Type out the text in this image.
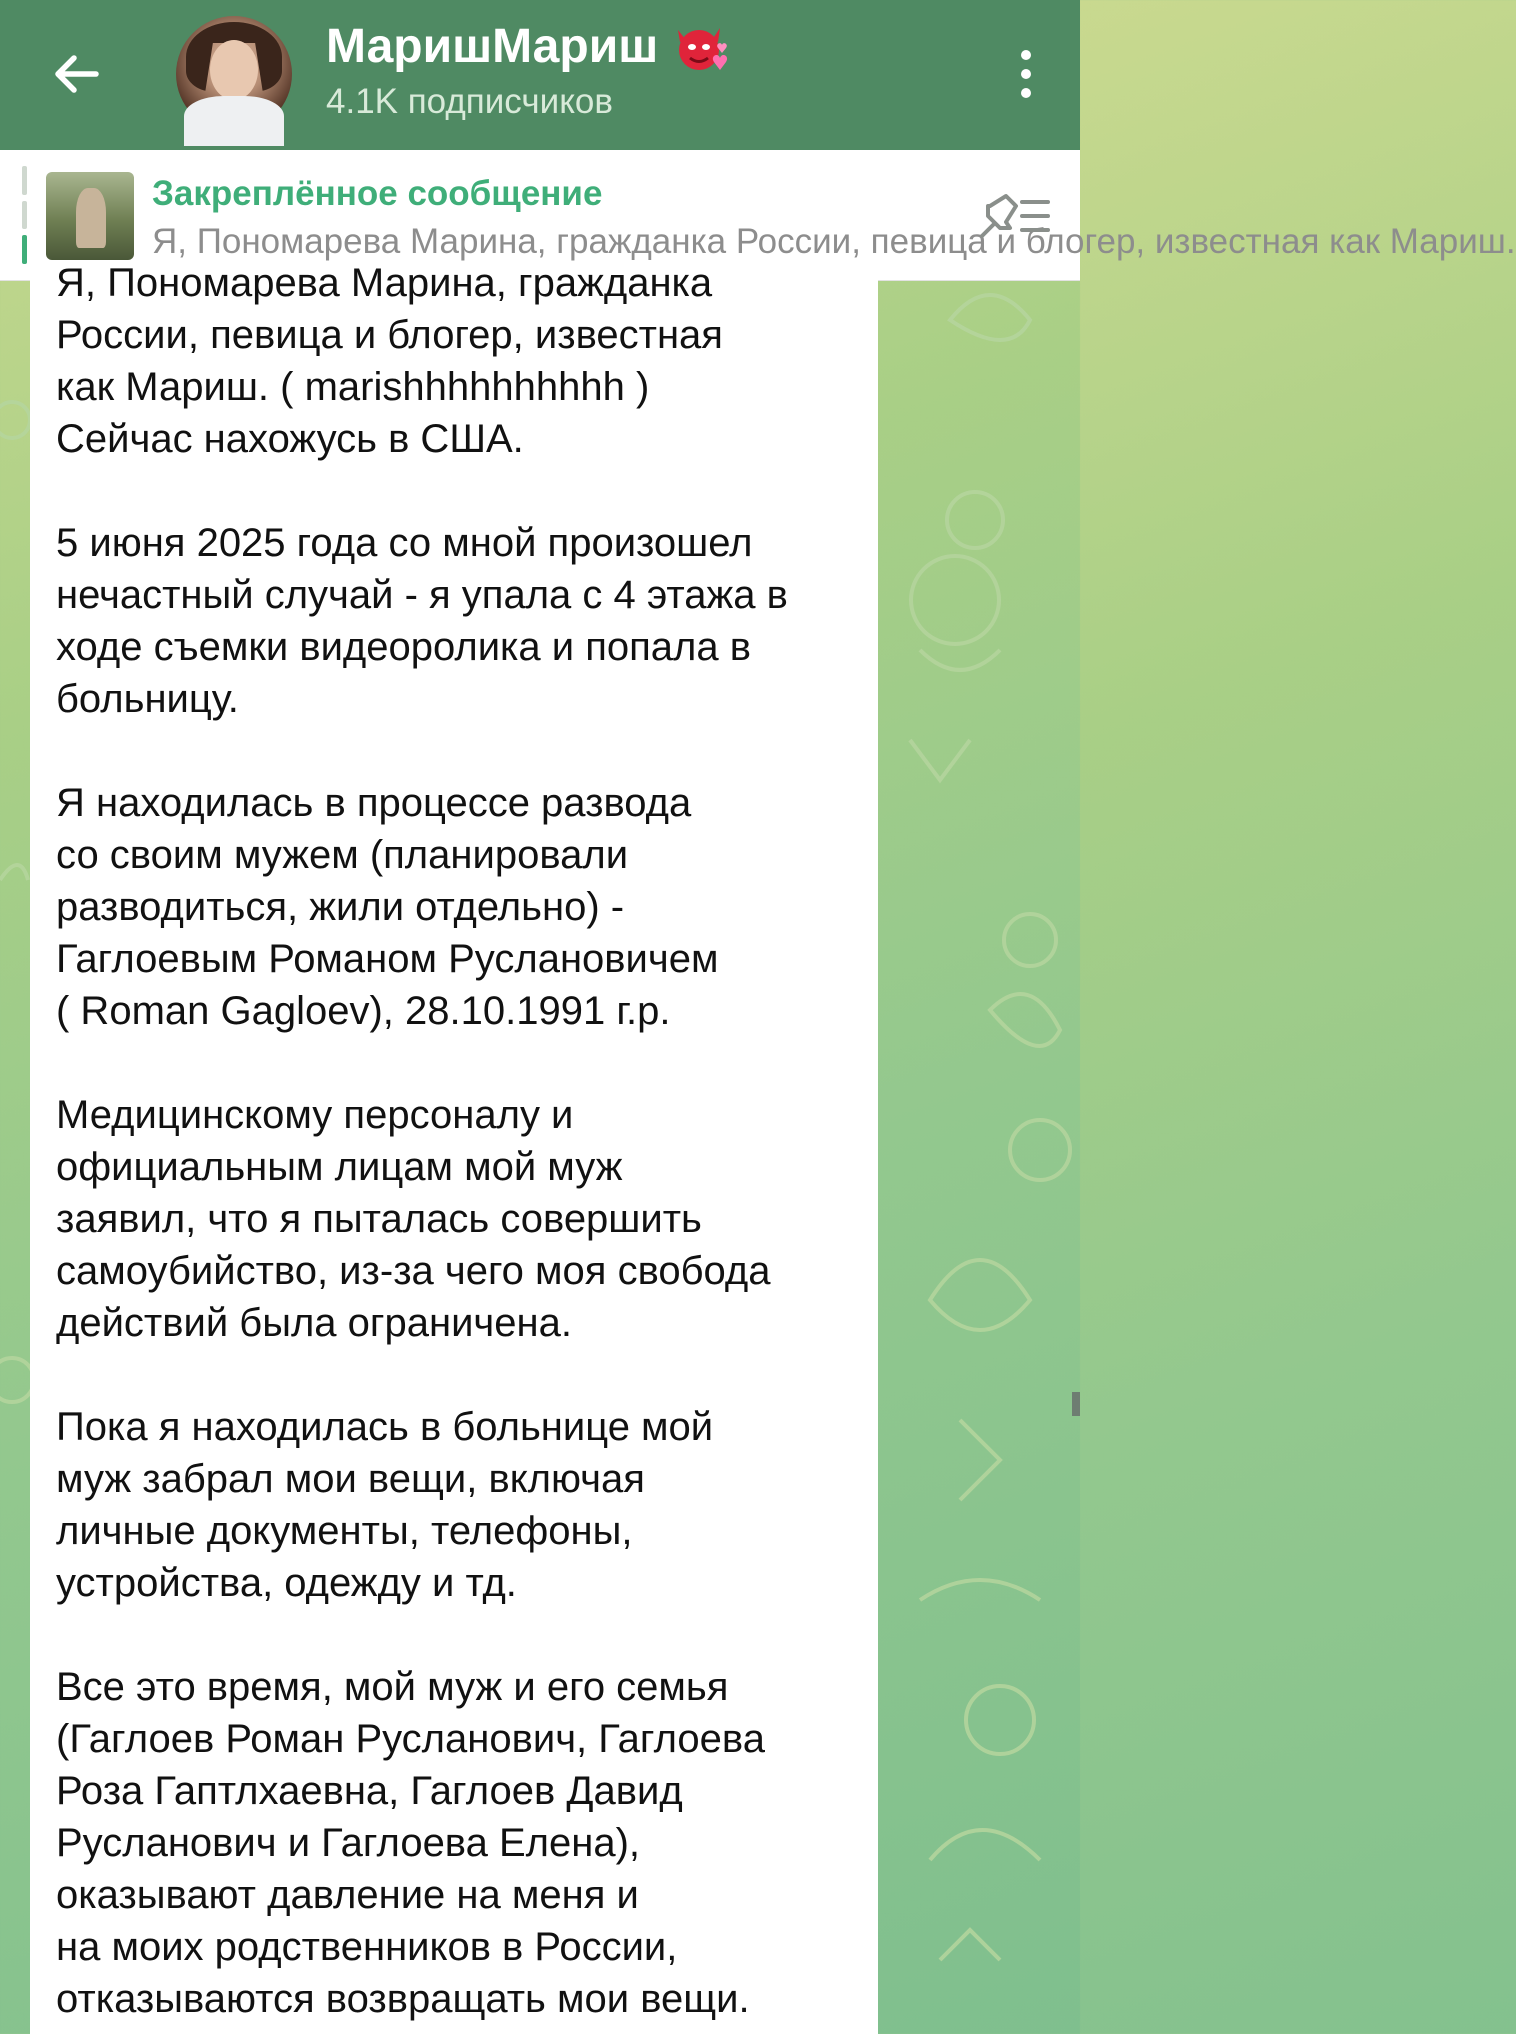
МаришМариш
4.1K подписчиков
Закреплённое сообщение
Я, Пономарева Марина, гражданка России, певица и блогер, известная как Мариш.
Я, Пономарева Марина, гражданка
России, певица и блогер, известная
как Мариш. ( marishhhhhhhhhh )
Сейчас нахожусь в США.

5 июня 2025 года со мной произошел
нечастный случай - я упала с 4 этажа в
ходе съемки видеоролика и попала в
больницу.

Я находилась в процессе развода
со своим мужем (планировали
разводиться, жили отдельно) -
Гаглоевым Романом Руслановичем
( Roman Gagloev), 28.10.1991 г.р.

Медицинскому персоналу и
официальным лицам мой муж
заявил, что я пыталась совершить
самоубийство, из-за чего моя свобода
действий была ограничена.

Пока я находилась в больнице мой
муж забрал мои вещи, включая
личные документы, телефоны,
устройства, одежду и тд.

Все это время, мой муж и его семья
(Гаглоев Роман Русланович, Гаглоева
Роза Гаптлхаевна, Гаглоев Давид
Русланович и Гаглоева Елена),
оказывают давление на меня и
на моих родственников в России,
отказываются возвращать мои вещи.
